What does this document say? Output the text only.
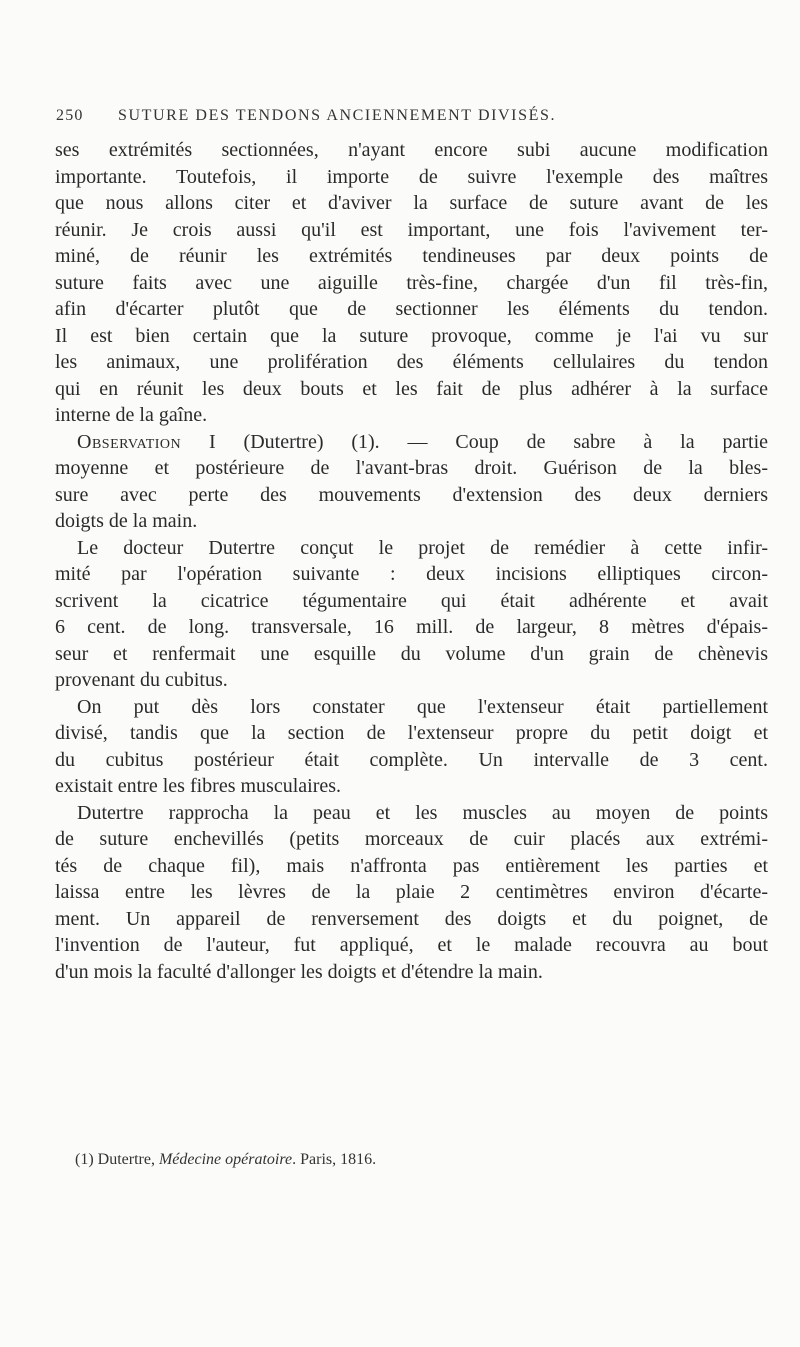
250 SUTURE DES TENDONS ANCIENNEMENT DIVISÉS.
ses extrémités sectionnées, n'ayant encore subi aucune modification
importante. Toutefois, il importe de suivre l'exemple des maîtres
que nous allons citer et d'aviver la surface de suture avant de les
réunir. Je crois aussi qu'il est important, une fois l'avivement ter-
miné, de réunir les extrémités tendineuses par deux points de
suture faits avec une aiguille très-fine, chargée d'un fil très-fin,
afin d'écarter plutôt que de sectionner les éléments du tendon.
Il est bien certain que la suture provoque, comme je l'ai vu sur
les animaux, une prolifération des éléments cellulaires du tendon
qui en réunit les deux bouts et les fait de plus adhérer à la surface
interne de la gaîne.
Observation I (Dutertre) (1). — Coup de sabre à la partie
moyenne et postérieure de l'avant-bras droit. Guérison de la bles-
sure avec perte des mouvements d'extension des deux derniers
doigts de la main.
Le docteur Dutertre conçut le projet de remédier à cette infir-
mité par l'opération suivante : deux incisions elliptiques circon-
scrivent la cicatrice tégumentaire qui était adhérente et avait
6 cent. de long. transversale, 16 mill. de largeur, 8 mètres d'épais-
seur et renfermait une esquille du volume d'un grain de chènevis
provenant du cubitus.
On put dès lors constater que l'extenseur était partiellement
divisé, tandis que la section de l'extenseur propre du petit doigt et
du cubitus postérieur était complète. Un intervalle de 3 cent.
existait entre les fibres musculaires.
Dutertre rapprocha la peau et les muscles au moyen de points
de suture enchevillés (petits morceaux de cuir placés aux extrémi-
tés de chaque fil), mais n'affronta pas entièrement les parties et
laissa entre les lèvres de la plaie 2 centimètres environ d'écarte-
ment. Un appareil de renversement des doigts et du poignet, de
l'invention de l'auteur, fut appliqué, et le malade recouvra au bout
d'un mois la faculté d'allonger les doigts et d'étendre la main.
(1) Dutertre, Médecine opératoire. Paris, 1816.
